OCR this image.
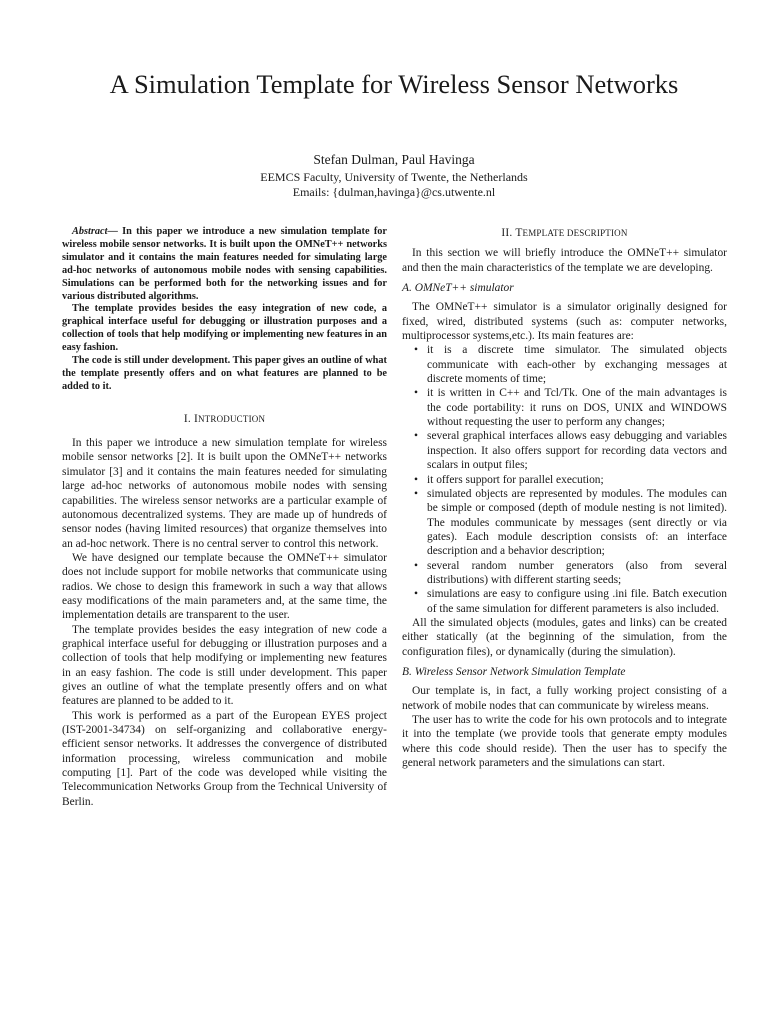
A Simulation Template for Wireless Sensor Networks
Stefan Dulman, Paul Havinga
EEMCS Faculty, University of Twente, the Netherlands
Emails: {dulman,havinga}@cs.utwente.nl

Abstract— In this paper we introduce a new simulation template for wireless mobile sensor networks. It is built upon the OMNeT++ networks simulator and it contains the main features needed for simulating large ad-hoc networks of autonomous mobile nodes with sensing capabilities. Simulations can be performed both for the networking issues and for various distributed algorithms.

The template provides besides the easy integration of new code, a graphical interface useful for debugging or illustration purposes and a collection of tools that help modifying or implementing new features in an easy fashion.

The code is still under development. This paper gives an outline of what the template presently offers and on what features are planned to be added to it.

I. INTRODUCTION

In this paper we introduce a new simulation template for wireless mobile sensor networks [2]. It is built upon the OMNeT++ networks simulator [3] and it contains the main features needed for simulating large ad-hoc networks of autonomous mobile nodes with sensing capabilities. The wireless sensor networks are a particular example of autonomous decentralized systems. They are made up of hundreds of sensor nodes (having limited resources) that organize themselves into an ad-hoc network. There is no central server to control this network.

We have designed our template because the OMNeT++ simulator does not include support for mobile networks that communicate using radios. We chose to design this framework in such a way that allows easy modifications of the main parameters and, at the same time, the implementation details are transparent to the user.

The template provides besides the easy integration of new code a graphical interface useful for debugging or illustration purposes and a collection of tools that help modifying or implementing new features in an easy fashion. The code is still under development. This paper gives an outline of what the template presently offers and on what features are planned to be added to it.

This work is performed as a part of the European EYES project (IST-2001-34734) on self-organizing and collaborative energy-efficient sensor networks. It addresses the convergence of distributed information processing, wireless communication and mobile computing [1]. Part of the code was developed while visiting the Telecommunication Networks Group from the Technical University of Berlin.

II. TEMPLATE DESCRIPTION

In this section we will briefly introduce the OMNeT++ simulator and then the main characteristics of the template we are developing.

A. OMNeT++ simulator

The OMNeT++ simulator is a simulator originally designed for fixed, wired, distributed systems (such as: computer networks, multiprocessor systems,etc.). Its main features are:

• it is a discrete time simulator. The simulated objects communicate with each-other by exchanging messages at discrete moments of time;
• it is written in C++ and Tcl/Tk. One of the main advantages is the code portability: it runs on DOS, UNIX and WINDOWS without requesting the user to perform any changes;
• several graphical interfaces allows easy debugging and variables inspection. It also offers support for recording data vectors and scalars in output files;
• it offers support for parallel execution;
• simulated objects are represented by modules. The modules can be simple or composed (depth of module nesting is not limited). The modules communicate by messages (sent directly or via gates). Each module description consists of: an interface description and a behavior description;
• several random number generators (also from several distributions) with different starting seeds;
• simulations are easy to configure using .ini file. Batch execution of the same simulation for different parameters is also included.

All the simulated objects (modules, gates and links) can be created either statically (at the beginning of the simulation, from the configuration files), or dynamically (during the simulation).

B. Wireless Sensor Network Simulation Template

Our template is, in fact, a fully working project consisting of a network of mobile nodes that can communicate by wireless means.

The user has to write the code for his own protocols and to integrate it into the template (we provide tools that generate empty modules where this code should reside). Then the user has to specify the general network parameters and the simulations can start.
